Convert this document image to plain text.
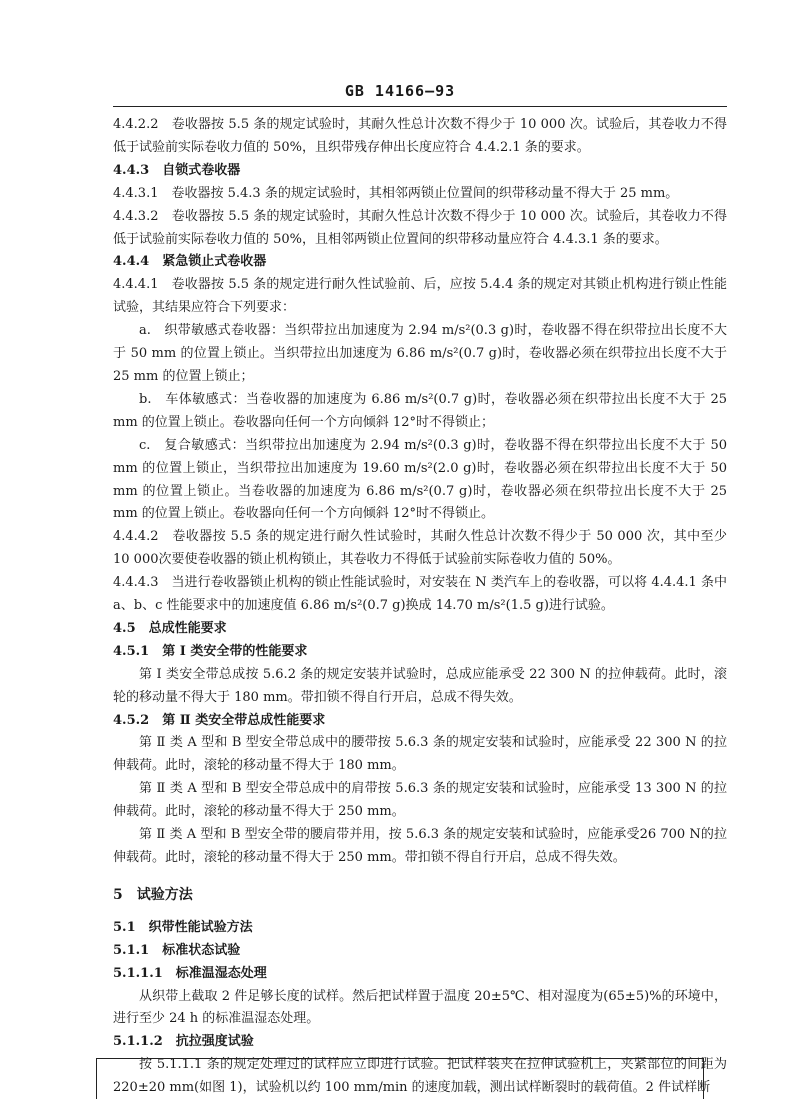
GB 14166—93

4.4.2.2　卷收器按 5.5 条的规定试验时，其耐久性总计次数不得少于 10 000 次。试验后，其卷收力不得低于试验前实际卷收力值的 50%，且织带残存伸出长度应符合 4.4.2.1 条的要求。

4.4.3　自锁式卷收器

4.4.3.1　卷收器按 5.4.3 条的规定试验时，其相邻两锁止位置间的织带移动量不得大于 25 mm。

4.4.3.2　卷收器按 5.5 条的规定试验时，其耐久性总计次数不得少于 10 000 次。试验后，其卷收力不得低于试验前实际卷收力值的 50%，且相邻两锁止位置间的织带移动量应符合 4.4.3.1 条的要求。

4.4.4　紧急锁止式卷收器

4.4.4.1　卷收器按 5.5 条的规定进行耐久性试验前、后，应按 5.4.4 条的规定对其锁止机构进行锁止性能试验，其结果应符合下列要求：

a.　织带敏感式卷收器：当织带拉出加速度为 2.94 m/s²(0.3 g)时，卷收器不得在织带拉出长度不大于 50 mm 的位置上锁止。当织带拉出加速度为 6.86 m/s²(0.7 g)时，卷收器必须在织带拉出长度不大于 25 mm 的位置上锁止；

b.　车体敏感式：当卷收器的加速度为 6.86 m/s²(0.7 g)时，卷收器必须在织带拉出长度不大于 25 mm 的位置上锁止。卷收器向任何一个方向倾斜 12°时不得锁止；

c.　复合敏感式：当织带拉出加速度为 2.94 m/s²(0.3 g)时，卷收器不得在织带拉出长度不大于 50 mm 的位置上锁止，当织带拉出加速度为 19.60 m/s²(2.0 g)时，卷收器必须在织带拉出长度不大于 50 mm 的位置上锁止。当卷收器的加速度为 6.86 m/s²(0.7 g)时，卷收器必须在织带拉出长度不大于 25 mm 的位置上锁止。卷收器向任何一个方向倾斜 12°时不得锁止。

4.4.4.2　卷收器按 5.5 条的规定进行耐久性试验时，其耐久性总计次数不得少于 50 000 次，其中至少 10 000次要使卷收器的锁止机构锁止，其卷收力不得低于试验前实际卷收力值的 50%。

4.4.4.3　当进行卷收器锁止机构的锁止性能试验时，对安装在 N 类汽车上的卷收器，可以将 4.4.4.1 条中 a、b、c 性能要求中的加速度值 6.86 m/s²(0.7 g)换成 14.70 m/s²(1.5 g)进行试验。

4.5　总成性能要求

4.5.1　第 I 类安全带的性能要求

第 I 类安全带总成按 5.6.2 条的规定安装并试验时，总成应能承受 22 300 N 的拉伸载荷。此时，滚轮的移动量不得大于 180 mm。带扣锁不得自行开启，总成不得失效。

4.5.2　第 Ⅱ 类安全带总成性能要求

第 Ⅱ 类 A 型和 B 型安全带总成中的腰带按 5.6.3 条的规定安装和试验时，应能承受 22 300 N 的拉伸载荷。此时，滚轮的移动量不得大于 180 mm。

第 Ⅱ 类 A 型和 B 型安全带总成中的肩带按 5.6.3 条的规定安装和试验时，应能承受 13 300 N 的拉伸载荷。此时，滚轮的移动量不得大于 250 mm。

第 Ⅱ 类 A 型和 B 型安全带的腰肩带并用，按 5.6.3 条的规定安装和试验时，应能承受26 700 N的拉伸载荷。此时，滚轮的移动量不得大于 250 mm。带扣锁不得自行开启，总成不得失效。

5　试验方法

5.1　织带性能试验方法

5.1.1　标准状态试验

5.1.1.1　标准温湿态处理

从织带上截取 2 件足够长度的试样。然后把试样置于温度 20±5℃、相对湿度为(65±5)%的环境中，进行至少 24 h 的标准温湿态处理。

5.1.1.2　抗拉强度试验

按 5.1.1.1 条的规定处理过的试样应立即进行试验。把试样装夹在拉伸试验机上，夹紧部位的间距为 220±20 mm(如图 1)，试验机以约 100 mm/min 的速度加载，测出试样断裂时的载荷值。2 件试样断
